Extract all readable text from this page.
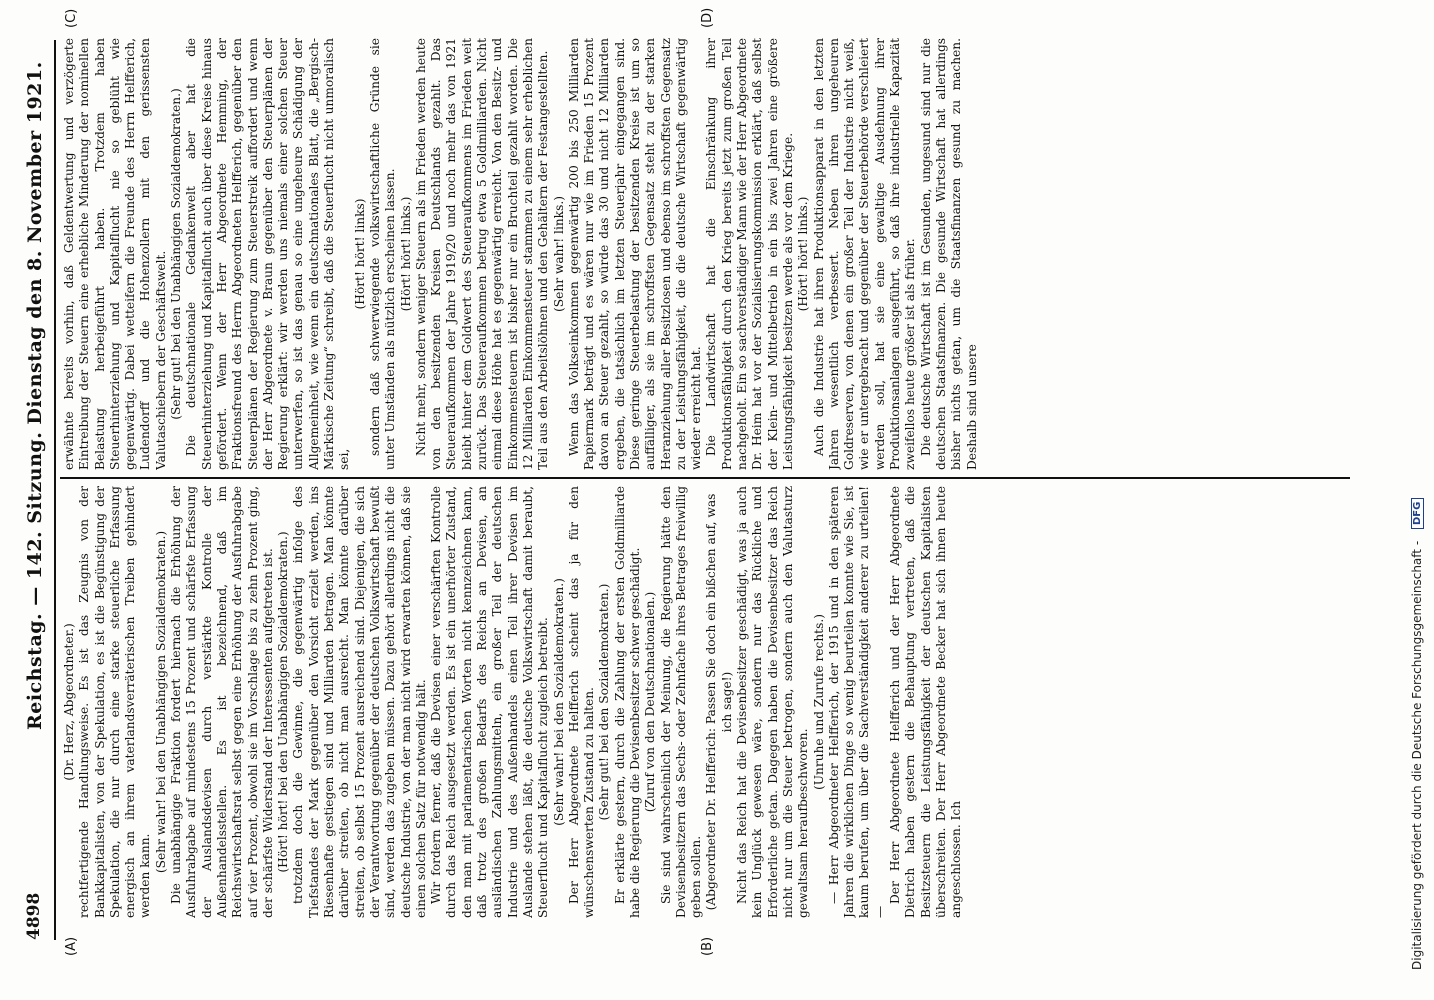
4898
Reichstag. — 142. Sitzung. Dienstag den 8. November 1921.
(A)	(B)
(C)	(D)

(Dr. Herz, Abgeordneter.) rechtfertigende Handlungsweise. Es ist das Zeugnis von der Bankkapitalisten, von der Spekulation, es ist die Begünstigung der Spekulation, die nur durch eine starke steuerliche Erfassung energisch an ihrem vaterlandsverräterischen Treiben gehindert werden kann.

(Sehr wahr! bei den Unabhängigen Sozialdemokraten.) Die unabhängige Fraktion fordert hiernach die Erhöhung der Ausfuhrabgabe auf mindestens 15 Prozent und schärfste Erfassung der Auslandsdevisen durch verstärkte Kontrolle der Außenhandelsstellen. Es ist bezeichnend, daß im Reichswirtschaftsrat selbst gegen eine Erhöhung der Ausfuhrabgabe auf vier Prozent, obwohl sie im Vorschlage bis zu zehn Prozent ging, der schärfste Widerstand der Interessenten aufgetreten ist. (Hört! hört! bei den Unabhängigen Sozialdemokraten.) trotzdem doch die Gewinne, die gegenwärtig infolge des Tiefstandes der Mark gegenüber den Vorsicht erzielt werden, ins Riesenhafte gestiegen sind und Milliarden betragen. Man könnte darüber streiten, ob nicht man ausreicht. Man könnte darüber streiten, ob selbst 15 Prozent ausreichend sind. Diejenigen, die sich der Verantwortung gegenüber der deutschen Volkswirtschaft bewußt sind, werden das zugeben müssen. Dazu gehört allerdings nicht die deutsche Industrie, von der man nicht wird erwarten können, daß sie einen solchen Satz für notwendig hält. Wir fordern ferner, daß die Devisen einer verschärften Kontrolle durch das Reich ausgesetzt werden. Es ist ein unerhörter Zustand, den man mit parlamentarischen Worten nicht kennzeichnen kann, daß trotz des großen Bedarfs des Reichs an Devisen, an ausländischen Zahlungsmitteln, ein großer Teil der deutschen Industrie und des Außenhandels einen Teil ihrer Devisen im Auslande stehen läßt, die deutsche Volkswirtschaft damit beraubt, Steuerflucht und Kapitalflucht zugleich betreibt. (Sehr wahr! bei den Sozialdemokraten.) Der Herr Abgeordnete Helfferich scheint das ja für den wünschenswerten Zustand zu halten. (Sehr gut! bei den Sozialdemokraten.) Er erklärte gestern, durch die Zahlung der ersten Goldmilliarde habe die Regierung die Devisenbesitzer schwer geschädigt. (Zuruf von den Deutschnationalen.) Sie sind wahrscheinlich der Meinung, die Regierung hätte den Devisenbesitzern das Sechs- oder Zehnfache ihres Betrages freiwillig geben sollen. (Abgeordneter Dr. Helfferich: Passen Sie doch ein bißchen auf, was ich sage!) Nicht das Reich hat die Devisenbesitzer geschädigt, was ja auch kein Unglück gewesen wäre, sondern nur das Rückliche und Erforderliche getan. Dagegen haben die Devisenbesitzer das Reich nicht nur um die Steuer betrogen, sondern auch den Valutasturz gewaltsam heraufbeschworen.

(Unruhe und Zurufe rechts.) — Herr Abgeordneter Helfferich, der 1915 und in den späteren Jahren die wirklichen Dinge so wenig beurteilen konnte wie Sie, ist kaum berufen, um über die Sachverständigkeit anderer zu urteilen! —

Der Herr Abgeordnete Helfferich und der Herr Abgeordnete Dietrich haben gestern die Behauptung vertreten, daß die Besitzsteuern die Leistungsfähigkeit der deutschen Kapitalisten überschreiten. Der Herr Abgeordnete Becker hat sich ihnen heute angeschlossen. Ich

erwähnte bereits vorhin, daß Geldentwertung und verzögerte Eintreibung der Steuern eine erhebliche Minderung der nominellen Belastung herbeigeführt haben. Trotzdem haben Steuerhinterziehung und Kapitalflucht nie so geblüht wie gegenwärtig. Dabei wetteifern die Freunde des Herrn Helfferich, Ludendorff und die Hohenzollern mit den gerissensten Valutaschiebern der Geschäftswelt. (Sehr gut! bei den Unabhängigen Sozialdemokraten.) Die deutschnationale Gedankenwelt aber hat die Steuerhinterziehung und Kapitalflucht auch über diese Kreise hinaus gefördert. Wenn der Herr Abgeordnete Hemming, der Fraktionsfreund des Herrn Abgeordneten Helfferich, gegenüber den Steuerplänen der Regierung zum Steuerstreik auffordert und wenn der Herr Abgeordnete v. Braun gegenüber den Steuerplänen der Regierung erklärt: wir werden uns niemals einer solchen Steuer unterwerfen, so ist das genau so eine ungeheure Schädigung der Allgemeinheit, wie wenn ein deutschnationales Blatt, die „Bergisch-Märkische Zeitung“ schreibt, daß die Steuerflucht nicht unmoralisch sei,

(Hört! hört! links) sondern daß schwerwiegende volkswirtschaftliche Gründe sie unter Umständen als nützlich erscheinen lassen. (Hört! hört! links.) Nicht mehr, sondern weniger Steuern als im Frieden werden heute von den besitzenden Kreisen Deutschlands gezahlt. Das Steueraufkommen der Jahre 1919/20 und noch mehr das von 1921 bleibt hinter dem Goldwert des Steueraufkommens im Frieden weit zurück. Das Steueraufkommen betrug etwa 5 Goldmilliarden. Nicht einmal diese Höhe hat es gegenwärtig erreicht. Von den Besitz- und Einkommensteuern ist bisher nur ein Bruchteil gezahlt worden. Die 12 Milliarden Einkommensteuer stammen zu einem sehr erheblichen Teil aus den Arbeitslöhnen und den Gehältern der Festangestellten. (Sehr wahr! links.) Wenn das Volkseinkommen gegenwärtig 200 bis 250 Milliarden Papiermark beträgt und es wären nur wie im Frieden 15 Prozent davon an Steuer gezahlt, so würde das 30 und nicht 12 Milliarden ergeben, die tatsächlich im letzten Steuerjahr eingegangen sind. Diese geringe Steuerbelastung der besitzenden Kreise ist um so auffälliger, als sie im schroffsten Gegensatz steht zu der starken Heranziehung aller Besitzlosen und ebenso im schroffsten Gegensatz zu der Leistungsfähigkeit, die die deutsche Wirtschaft gegenwärtig wieder erreicht hat. Die Landwirtschaft hat die Einschränkung ihrer Produktionsfähigkeit durch den Krieg bereits jetzt zum großen Teil nachgeholt. Ein so sachverständiger Mann wie der Herr Abgeordnete Dr. Heim hat vor der Sozialisierungskommission erklärt, daß selbst der Klein- und Mittelbetrieb in ein bis zwei Jahren eine größere Leistungsfähigkeit besitzen werde als vor dem Kriege. (Hört! hört! links.) Auch die Industrie hat ihren Produktionsapparat in den letzten Jahren wesentlich verbessert. Neben ihren ungeheuren Goldreserven, von denen ein großer Teil der Industrie nicht weiß, wie er untergebracht und gegenüber der Steuerbehörde verschleiert werden soll, hat sie eine gewaltige Ausdehnung ihrer Produktionsanlagen ausgeführt, so daß ihre industrielle Kapazität zweifellos heute größer ist als früher. Die deutsche Wirtschaft ist im Gesunden, ungesund sind nur die deutschen Staatsfinanzen. Die gesunde Wirtschaft hat allerdings bisher nichts getan, um die Staatsfinanzen gesund zu machen. Deshalb sind unsere

Digitalisierung gefördert durch die Deutsche Forschungsgemeinschaft - DFG
